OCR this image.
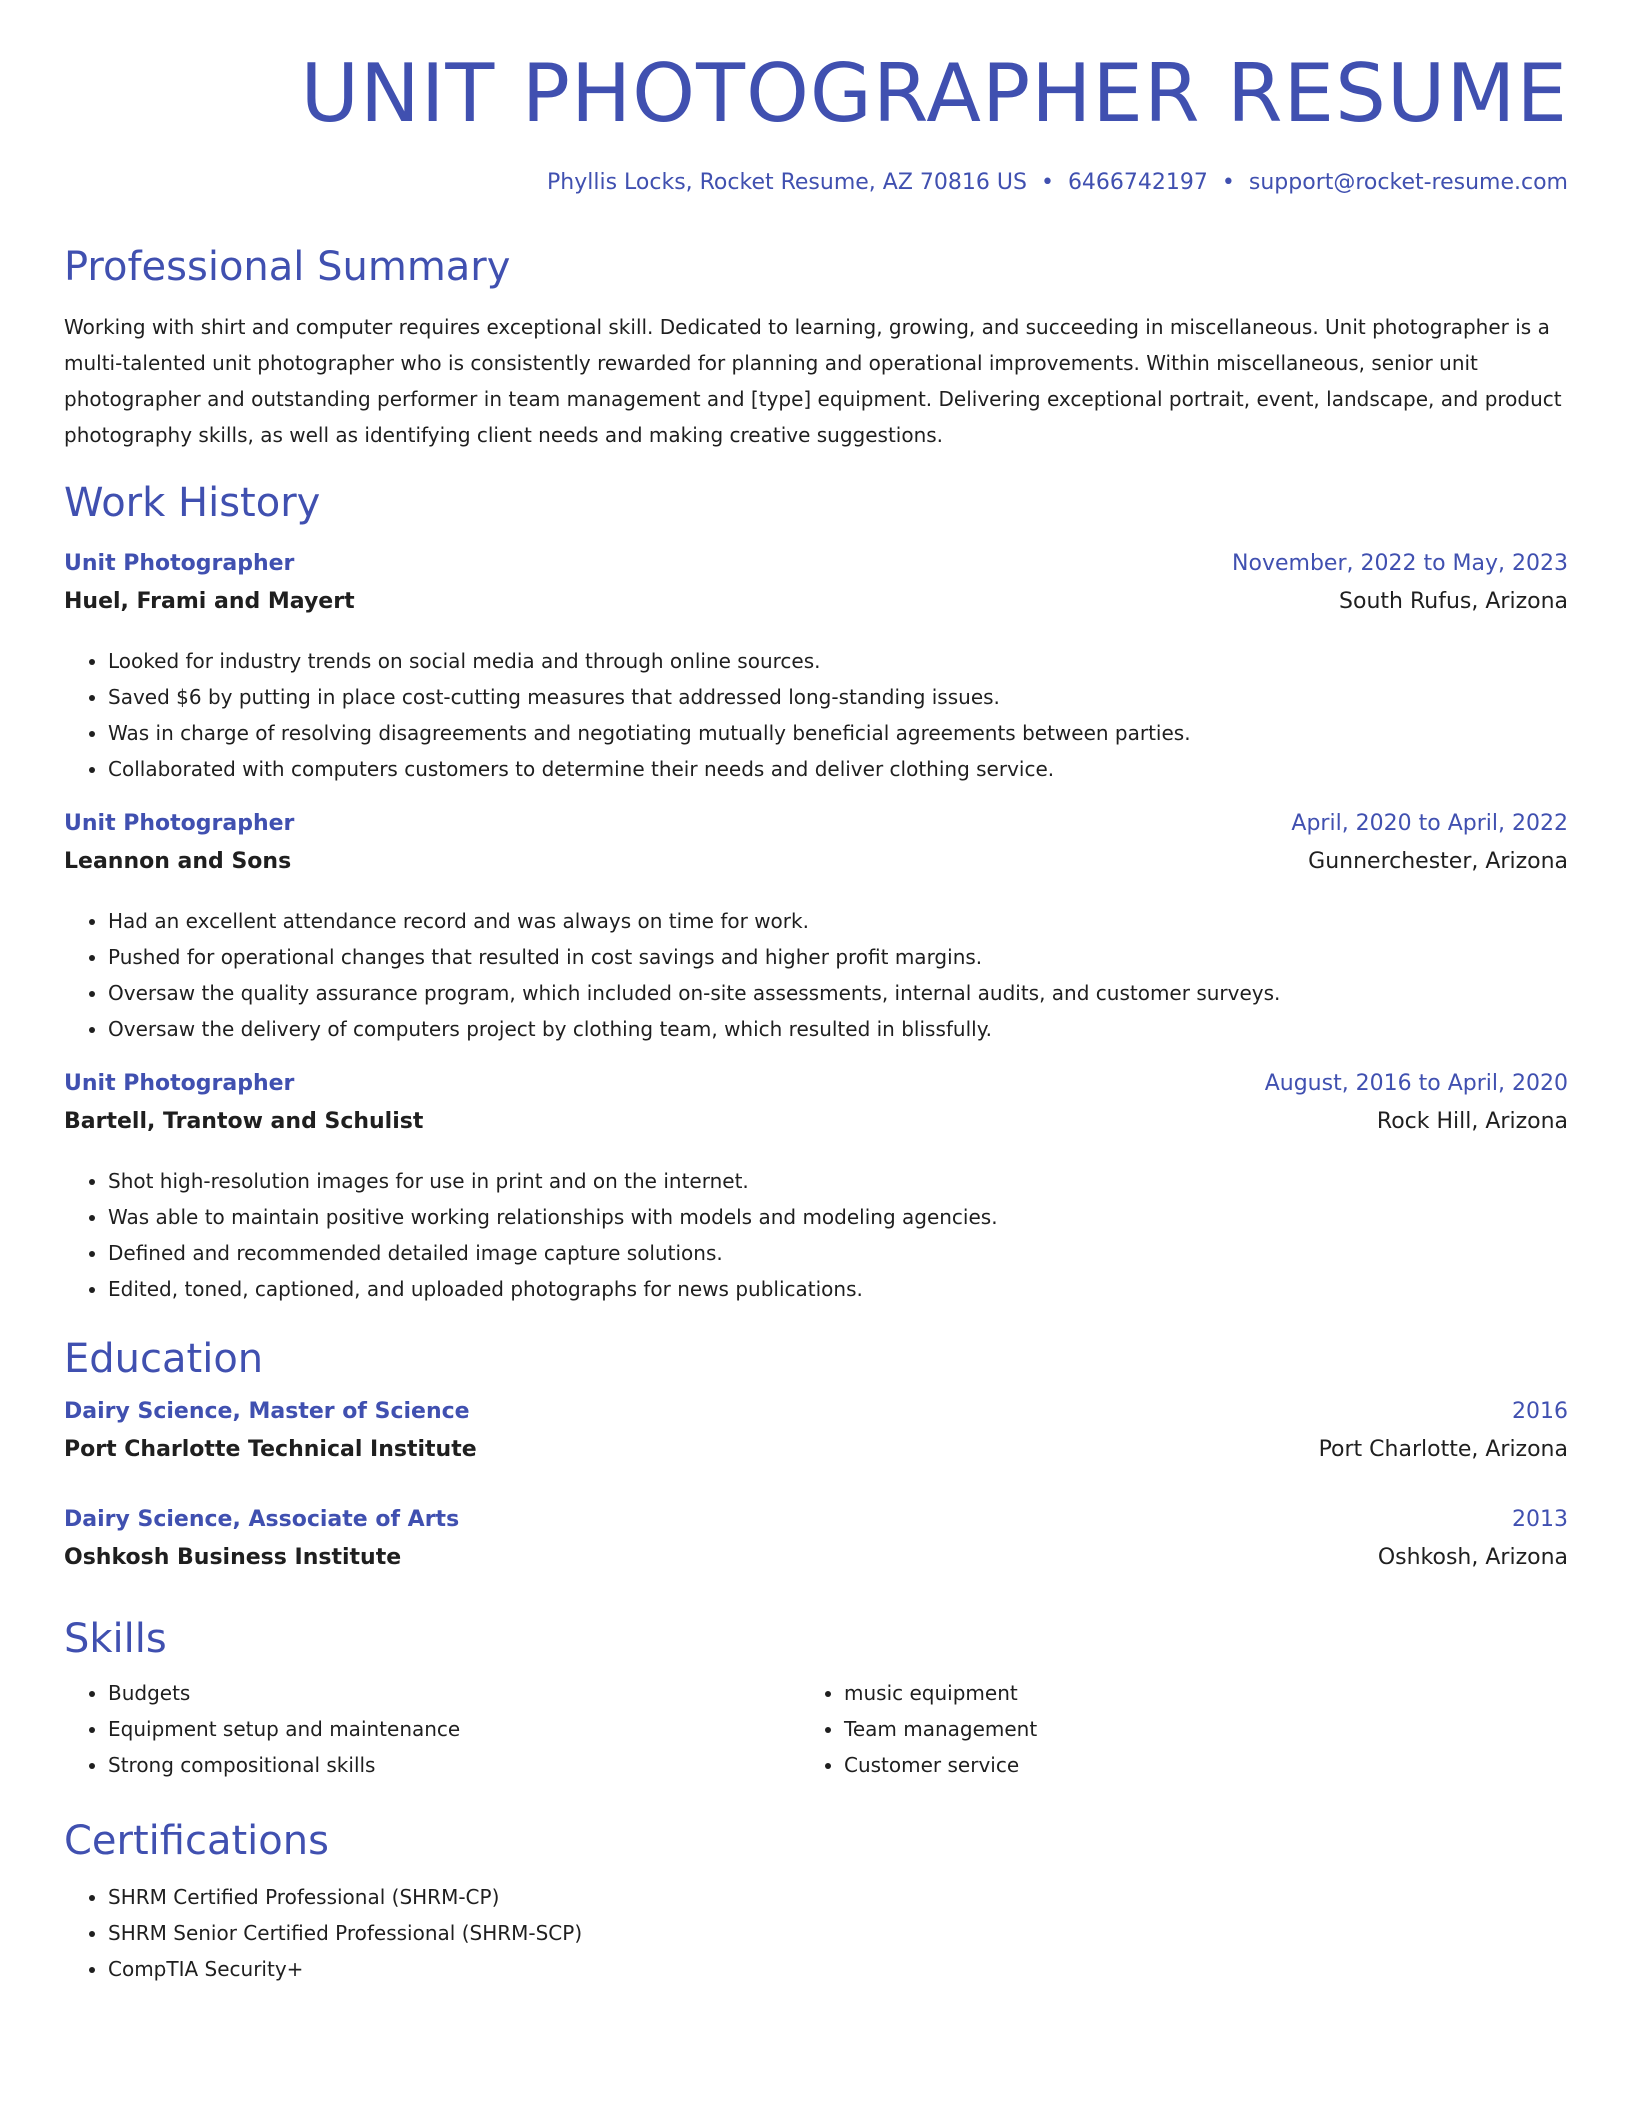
UNIT PHOTOGRAPHER RESUME
Phyllis Locks, Rocket Resume, AZ 70816 US • 6466742197 • support@rocket-resume.com
Professional Summary
Working with shirt and computer requires exceptional skill. Dedicated to learning, growing, and succeeding in miscellaneous. Unit photographer is a multi-talented unit photographer who is consistently rewarded for planning and operational improvements. Within miscellaneous, senior unit photographer and outstanding performer in team management and [type] equipment. Delivering exceptional portrait, event, landscape, and product photography skills, as well as identifying client needs and making creative suggestions.
Work History
Unit Photographer	November, 2022 to May, 2023
Huel, Frami and Mayert	South Rufus, Arizona
• Looked for industry trends on social media and through online sources.
• Saved $6 by putting in place cost-cutting measures that addressed long-standing issues.
• Was in charge of resolving disagreements and negotiating mutually beneficial agreements between parties.
• Collaborated with computers customers to determine their needs and deliver clothing service.
Unit Photographer	April, 2020 to April, 2022
Leannon and Sons	Gunnerchester, Arizona
• Had an excellent attendance record and was always on time for work.
• Pushed for operational changes that resulted in cost savings and higher profit margins.
• Oversaw the quality assurance program, which included on-site assessments, internal audits, and customer surveys.
• Oversaw the delivery of computers project by clothing team, which resulted in blissfully.
Unit Photographer	August, 2016 to April, 2020
Bartell, Trantow and Schulist	Rock Hill, Arizona
• Shot high-resolution images for use in print and on the internet.
• Was able to maintain positive working relationships with models and modeling agencies.
• Defined and recommended detailed image capture solutions.
• Edited, toned, captioned, and uploaded photographs for news publications.
Education
Dairy Science, Master of Science	2016
Port Charlotte Technical Institute	Port Charlotte, Arizona
Dairy Science, Associate of Arts	2013
Oshkosh Business Institute	Oshkosh, Arizona
Skills
• Budgets
• Equipment setup and maintenance
• Strong compositional skills
• music equipment
• Team management
• Customer service
Certifications
• SHRM Certified Professional (SHRM-CP)
• SHRM Senior Certified Professional (SHRM-SCP)
• CompTIA Security+
